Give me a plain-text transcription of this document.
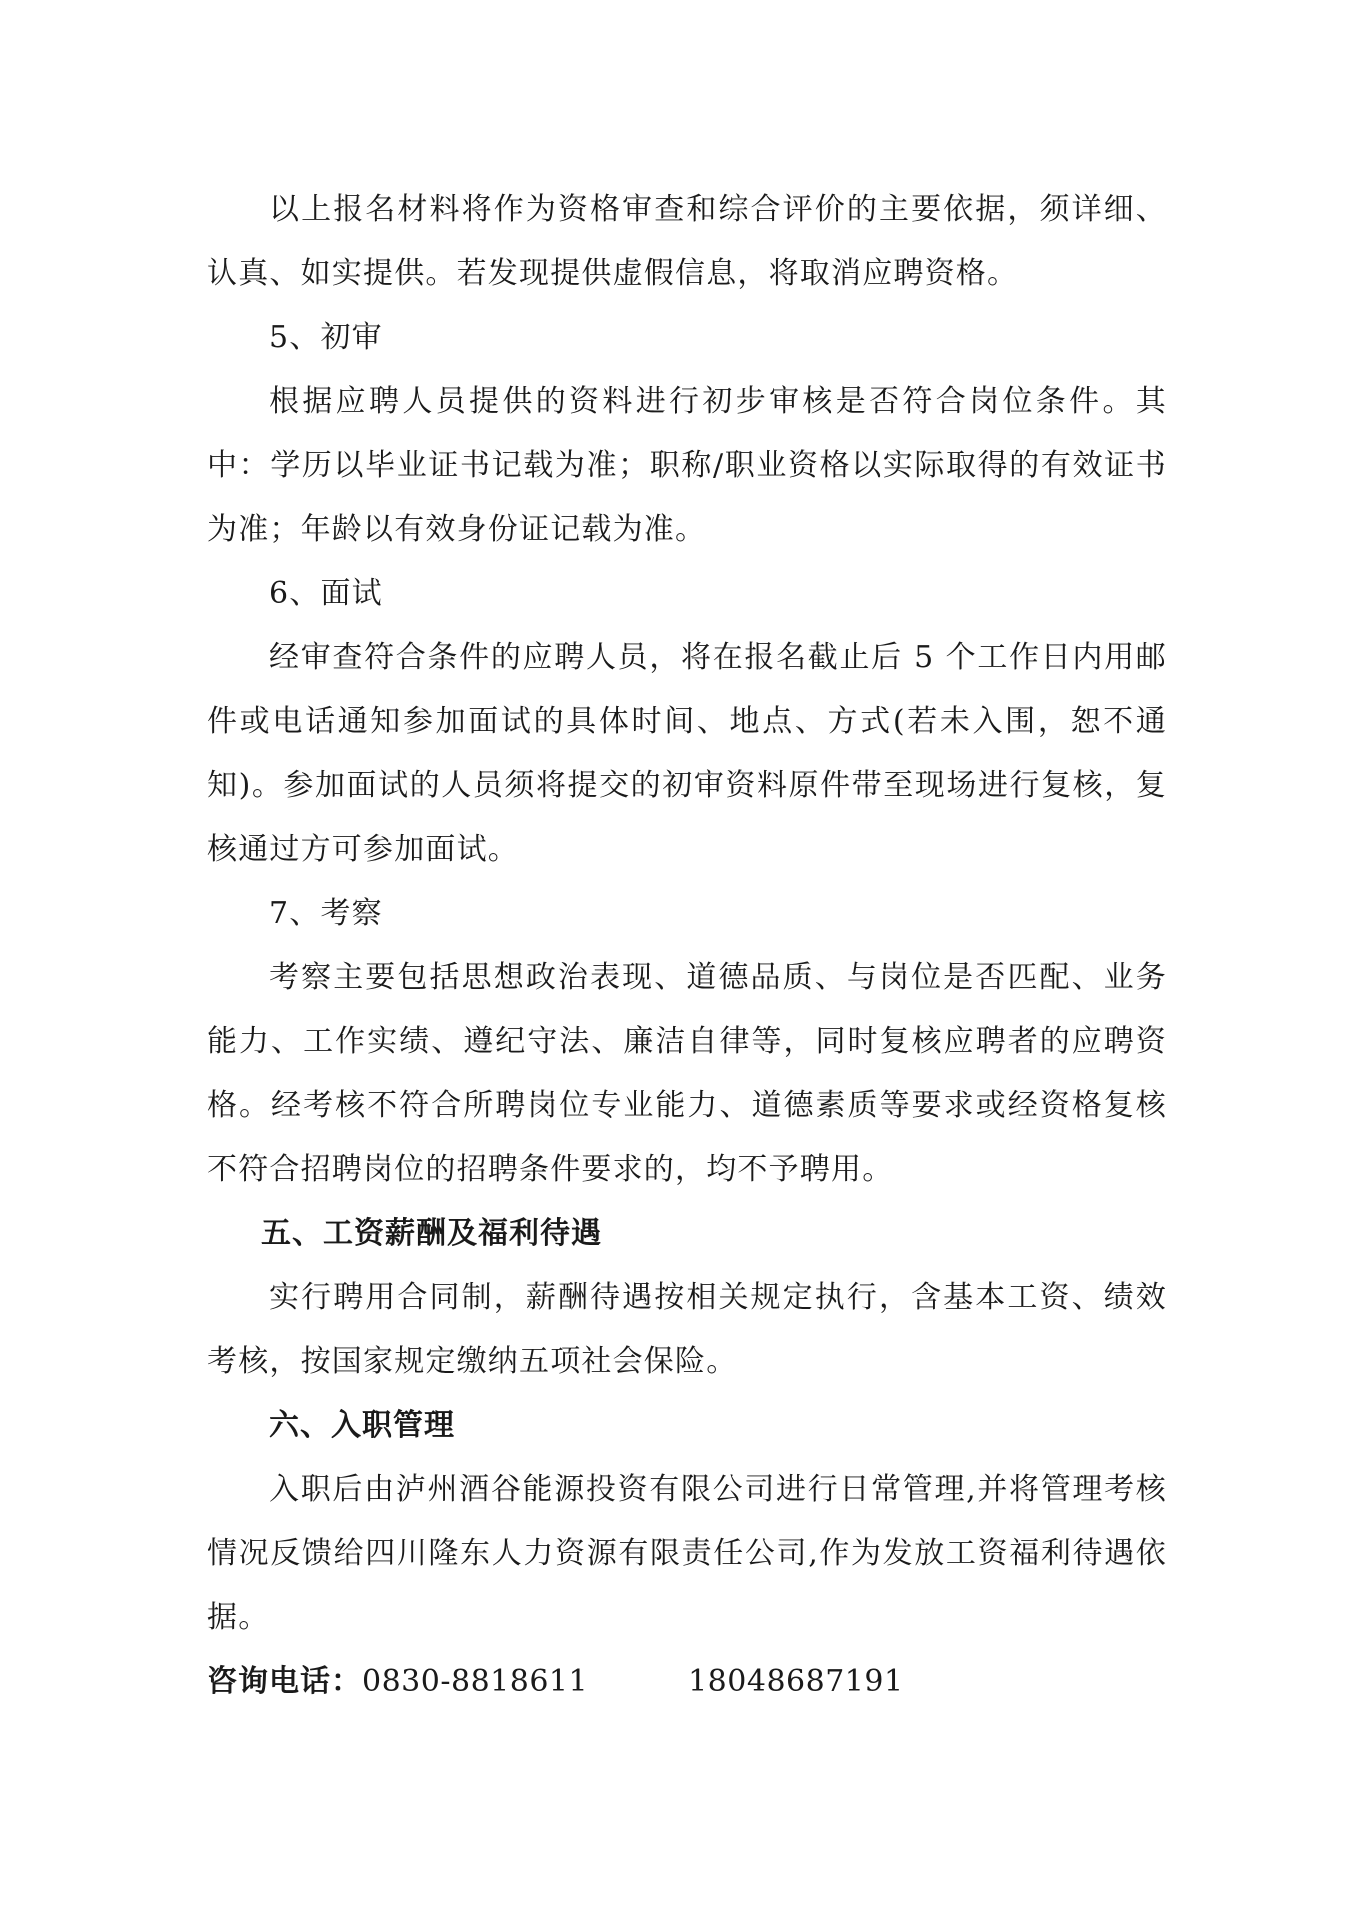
以上报名材料将作为资格审查和综合评价的主要依据，须详细、认真、如实提供。若发现提供虚假信息，将取消应聘资格。

5、初审

根据应聘人员提供的资料进行初步审核是否符合岗位条件。其中：学历以毕业证书记载为准；职称/职业资格以实际取得的有效证书为准；年龄以有效身份证记载为准。

6、面试

经审查符合条件的应聘人员，将在报名截止后 5 个工作日内用邮件或电话通知参加面试的具体时间、地点、方式(若未入围，恕不通知)。参加面试的人员须将提交的初审资料原件带至现场进行复核，复核通过方可参加面试。

7、考察

考察主要包括思想政治表现、道德品质、与岗位是否匹配、业务能力、工作实绩、遵纪守法、廉洁自律等，同时复核应聘者的应聘资格。经考核不符合所聘岗位专业能力、道德素质等要求或经资格复核不符合招聘岗位的招聘条件要求的，均不予聘用。

五、工资薪酬及福利待遇

实行聘用合同制，薪酬待遇按相关规定执行，含基本工资、绩效考核，按国家规定缴纳五项社会保险。

六、入职管理

入职后由泸州酒谷能源投资有限公司进行日常管理,并将管理考核情况反馈给四川隆东人力资源有限责任公司,作为发放工资福利待遇依据。

咨询电话：0830-8818611	18048687191
